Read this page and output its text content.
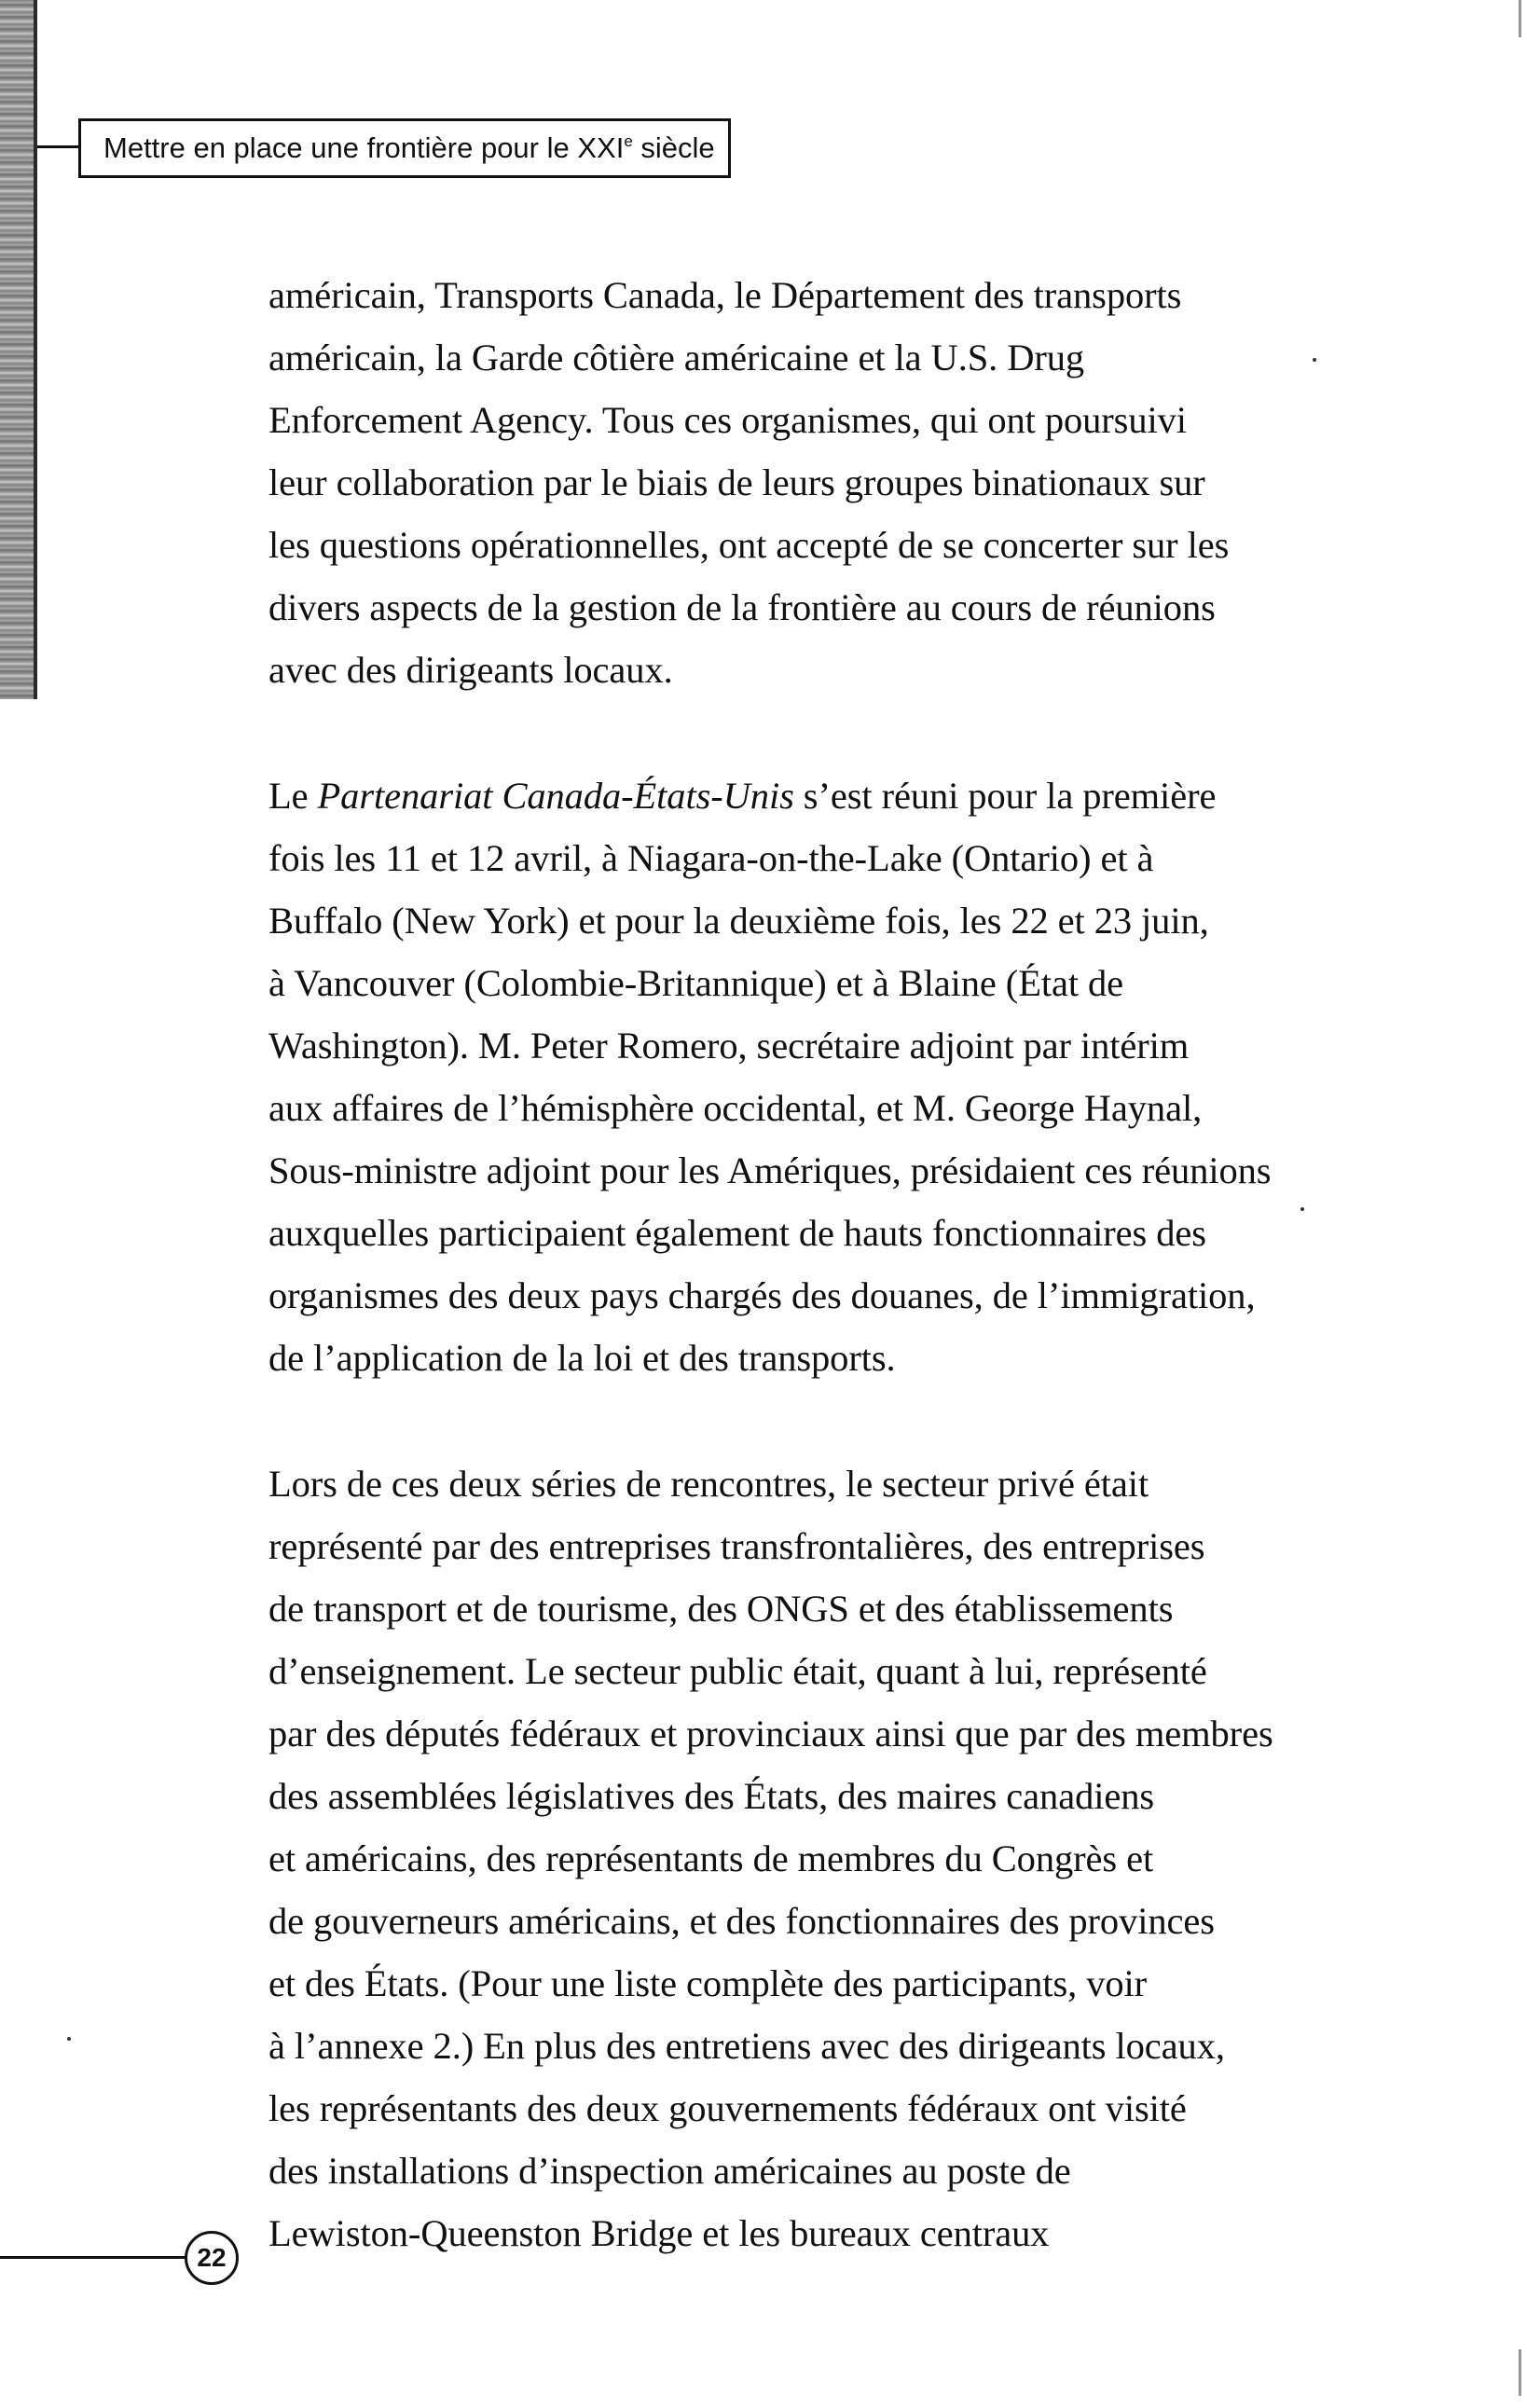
Mettre en place une frontière pour le XXIe siècle
américain, Transports Canada, le Département des transports
américain, la Garde côtière américaine et la U.S. Drug
Enforcement Agency. Tous ces organismes, qui ont poursuivi
leur collaboration par le biais de leurs groupes binationaux sur
les questions opérationnelles, ont accepté de se concerter sur les
divers aspects de la gestion de la frontière au cours de réunions
avec des dirigeants locaux.
Le Partenariat Canada-États-Unis s’est réuni pour la première
fois les 11 et 12 avril, à Niagara-on-the-Lake (Ontario) et à
Buffalo (New York) et pour la deuxième fois, les 22 et 23 juin,
à Vancouver (Colombie-Britannique) et à Blaine (État de
Washington). M. Peter Romero, secrétaire adjoint par intérim
aux affaires de l’hémisphère occidental, et M. George Haynal,
Sous-ministre adjoint pour les Amériques, présidaient ces réunions
auxquelles participaient également de hauts fonctionnaires des
organismes des deux pays chargés des douanes, de l’immigration,
de l’application de la loi et des transports.
Lors de ces deux séries de rencontres, le secteur privé était
représenté par des entreprises transfrontalières, des entreprises
de transport et de tourisme, des ONGS et des établissements
d’enseignement. Le secteur public était, quant à lui, représenté
par des députés fédéraux et provinciaux ainsi que par des membres
des assemblées législatives des États, des maires canadiens
et américains, des représentants de membres du Congrès et
de gouverneurs américains, et des fonctionnaires des provinces
et des États. (Pour une liste complète des participants, voir
à l’annexe 2.) En plus des entretiens avec des dirigeants locaux,
les représentants des deux gouvernements fédéraux ont visité
des installations d’inspection américaines au poste de
Lewiston-Queenston Bridge et les bureaux centraux
22
